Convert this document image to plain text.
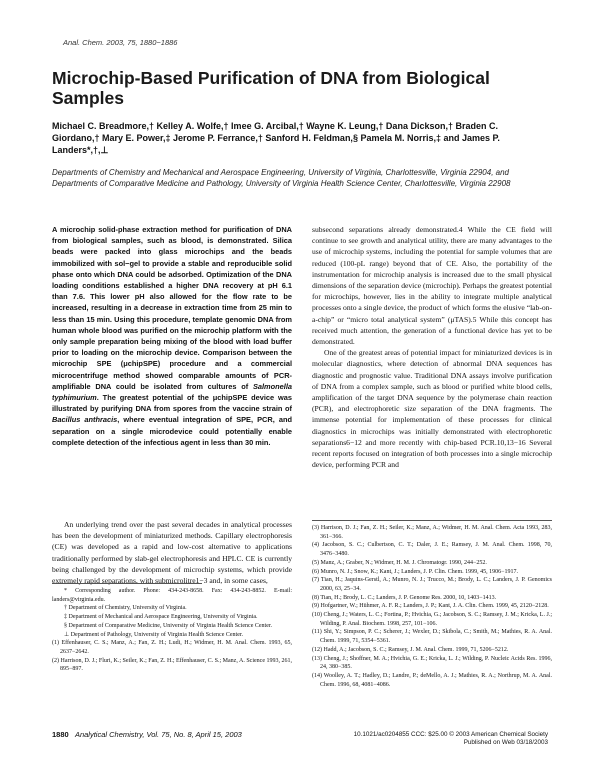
Anal. Chem. 2003, 75, 1880−1886
Microchip-Based Purification of DNA from Biological Samples
Michael C. Breadmore,† Kelley A. Wolfe,† Imee G. Arcibal,† Wayne K. Leung,† Dana Dickson,† Braden C. Giordano,† Mary E. Power,‡ Jerome P. Ferrance,† Sanford H. Feldman,§ Pamela M. Norris,‡ and James P. Landers*,†,⊥
Departments of Chemistry and Mechanical and Aerospace Engineering, University of Virginia, Charlottesville, Virginia 22904, and Departments of Comparative Medicine and Pathology, University of Virginia Health Science Center, Charlottesville, Virginia 22908
A microchip solid-phase extraction method for purification of DNA from biological samples, such as blood, is demonstrated. Silica beads were packed into glass microchips and the beads immobilized with sol−gel to provide a stable and reproducible solid phase onto which DNA could be adsorbed. Optimization of the DNA loading conditions established a higher DNA recovery at pH 6.1 than 7.6. This lower pH also allowed for the flow rate to be increased, resulting in a decrease in extraction time from 25 min to less than 15 min. Using this procedure, template genomic DNA from human whole blood was purified on the microchip platform with the only sample preparation being mixing of the blood with load buffer prior to loading on the microchip device. Comparison between the microchip SPE (μchipSPE) procedure and a commercial microcentrifuge method showed comparable amounts of PCR-amplifiable DNA could be isolated from cultures of Salmonella typhimurium. The greatest potential of the μchipSPE device was illustrated by purifying DNA from spores from the vaccine strain of Bacillus anthracis, where eventual integration of SPE, PCR, and separation on a single microdevice could potentially enable complete detection of the infectious agent in less than 30 min.

An underlying trend over the past several decades in analytical processes has been the development of miniaturized methods. Capillary electrophoresis (CE) was developed as a rapid and low-cost alternative to applications traditionally performed by slab-gel electrophoresis and HPLC. CE is currently being challenged by the development of microchip systems, which provide extremely rapid separations, with submicrolitre1−3 and, in some cases,

* Corresponding author. Phone: 434-243-8658. Fax: 434-243-8852. E-mail: landers@virginia.edu.

† Department of Chemistry, University of Virginia.

‡ Department of Mechanical and Aerospace Engineering, University of Virginia.

§ Department of Comparative Medicine, University of Virginia Health Science Center.

⊥ Department of Pathology, University of Virginia Health Science Center.

(1) Effenhauser, C. S.; Manz, A.; Fan, Z. H.; Ludi, H.; Widmer, H. M. Anal. Chem. 1993, 65, 2637−2642.

(2) Harrison, D. J.; Fluri, K.; Seiler, K.; Fan, Z. H.; Effenhauser, C. S.; Manz, A. Science 1993, 261, 895−897.

subsecond separations already demonstrated.4 While the CE field will continue to see growth and analytical utility, there are many advantages to the use of microchip systems, including the potential for sample volumes that are reduced (100-pL range) beyond that of CE. Also, the portability of the instrumentation for microchip analysis is increased due to the small physical dimensions of the separation device (microchip). Perhaps the greatest potential for microchips, however, lies in the ability to integrate multiple analytical processes onto a single device, the product of which forms the elusive “lab-on-a-chip” or “micro total analytical system” (μTAS).5 While this concept has received much attention, the generation of a functional device has yet to be demonstrated.

One of the greatest areas of potential impact for miniaturized devices is in molecular diagnostics, where detection of abnormal DNA sequences has diagnostic and prognostic value. Traditional DNA assays involve purification of DNA from a complex sample, such as blood or purified white blood cells, amplification of the target DNA sequence by the polymerase chain reaction (PCR), and electrophoretic size separation of the DNA fragments. The immense potential for implementation of these processes for clinical diagnostics in microchips was initially demonstrated with electrophoretic separations6−12 and more recently with chip-based PCR.10,13−16 Several recent reports focused on integration of both processes into a single microchip device, performing PCR and

(3) Harrison, D. J.; Fan, Z. H.; Seiler, K.; Manz, A.; Widmer, H. M. Anal. Chem. Acta 1993, 283, 361−366.

(4) Jacobson, S. C.; Culbertson, C. T.; Daler, J. E.; Ramsey, J. M. Anal. Chem. 1998, 70, 3476−3480.

(5) Manz, A.; Graber, N.; Widmer, H. M. J. Chromatogr. 1990, 244−252.

(6) Munro, N. J.; Snow, K.; Kant, J.; Landers, J. P. Clin. Chem. 1999, 45, 1906−1917.

(7) Tian, H.; Jaquins-Gerstl, A.; Munro, N. J.; Trucco, M.; Brody, L. C.; Landers, J. P. Genomics 2000, 63, 25−34.

(8) Tian, H.; Brody, L. C.; Landers, J. P. Genome Res. 2000, 10, 1403−1413.

(9) Hofgartner, W.; Hühmer, A. F. R.; Landers, J. P.; Kant, J. A. Clin. Chem. 1999, 45, 2120−2128.

(10) Cheng, J.; Waters, L. C.; Fortina, P.; Hvichia, G.; Jacobson, S. C.; Ramsey, J. M.; Kricka, L. J.; Wilding, P. Anal. Biochem. 1998, 257, 101−106.

(11) Shi, Y.; Simpson, P. C.; Scherer, J.; Wexler, D.; Skibola, C.; Smith, M.; Mathies, R. A. Anal. Chem. 1999, 71, 5354−5361.

(12) Hadd, A.; Jacobson, S. C.; Ramsey, J. M. Anal. Chem. 1999, 71, 5206−5212.

(13) Cheng, J.; Shoffner, M. A.; Hvichia, G. E.; Kricka, L. J.; Wilding, P. Nucleic Acids Res. 1996, 24, 380−385.

(14) Woolley, A. T.; Hadley, D.; Landre, P.; deMello, A. J.; Mathies, R. A.; Northrup, M. A. Anal. Chem. 1996, 68, 4081−4086.

1880 Analytical Chemistry, Vol. 75, No. 8, April 15, 2003	10.1021/ac0204855 CCC: $25.00 © 2003 American Chemical Society
Published on Web 03/18/2003
